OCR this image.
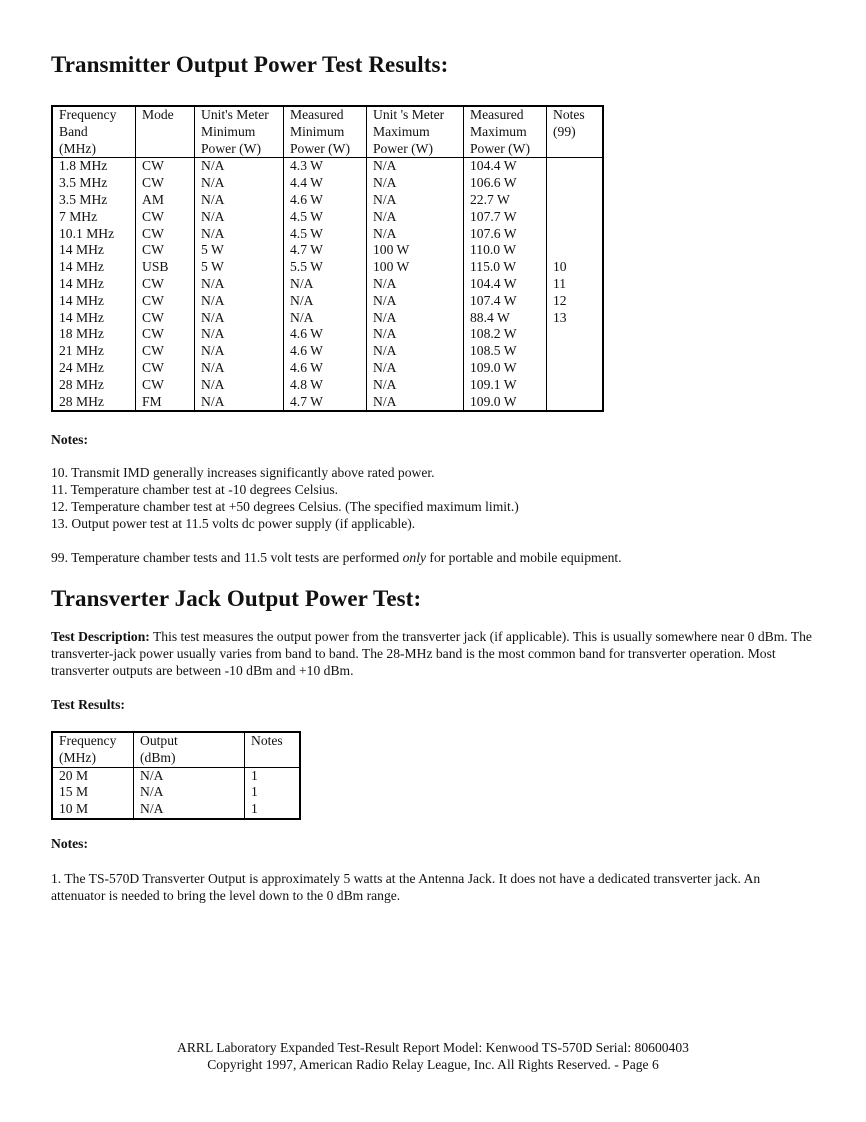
Transmitter Output Power Test Results:
Frequency
Band
(MHz)	Mode	Unit's Meter
Minimum
Power (W)	Measured
Minimum
Power (W)	Unit 's Meter
Maximum
Power (W)	Measured
Maximum
Power (W)	Notes
(99)
1.8 MHz	CW	N/A	4.3 W	N/A	104.4 W	
3.5 MHz	CW	N/A	4.4 W	N/A	106.6 W	
3.5 MHz	AM	N/A	4.6 W	N/A	22.7 W	
7 MHz	CW	N/A	4.5 W	N/A	107.7 W	
10.1 MHz	CW	N/A	4.5 W	N/A	107.6 W	
14 MHz	CW	5 W	4.7 W	100 W	110.0 W	
14 MHz	USB	5 W	5.5 W	100 W	115.0 W	10
14 MHz	CW	N/A	N/A	N/A	104.4 W	11
14 MHz	CW	N/A	N/A	N/A	107.4 W	12
14 MHz	CW	N/A	N/A	N/A	88.4 W	13
18 MHz	CW	N/A	4.6 W	N/A	108.2 W	
21 MHz	CW	N/A	4.6 W	N/A	108.5 W	
24 MHz	CW	N/A	4.6 W	N/A	109.0 W	
28 MHz	CW	N/A	4.8 W	N/A	109.1 W	
28 MHz	FM	N/A	4.7 W	N/A	109.0 W	
Notes:
10. Transmit IMD generally increases significantly above rated power.
11. Temperature chamber test at -10 degrees Celsius.
12. Temperature chamber test at +50 degrees Celsius. (The specified maximum limit.)
13. Output power test at 11.5 volts dc power supply (if applicable).
99. Temperature chamber tests and 11.5 volt tests are performed only for portable and mobile equipment.
Transverter Jack Output Power Test:
Test Description: This test measures the output power from the transverter jack (if applicable). This is usually somewhere near 0 dBm. The transverter-jack power usually varies from band to band. The 28-MHz band is the most common band for transverter operation. Most transverter outputs are between -10 dBm and +10 dBm.
Test Results:
Frequency
(MHz)	Output
(dBm)	Notes
20 M	N/A	1
15 M	N/A	1
10 M	N/A	1
Notes:
1. The TS-570D Transverter Output is approximately 5 watts at the Antenna Jack. It does not have a dedicated transverter jack. An attenuator is needed to bring the level down to the 0 dBm range.
ARRL Laboratory Expanded Test-Result Report Model: Kenwood TS-570D Serial: 80600403
Copyright 1997, American Radio Relay League, Inc. All Rights Reserved. - Page 6
